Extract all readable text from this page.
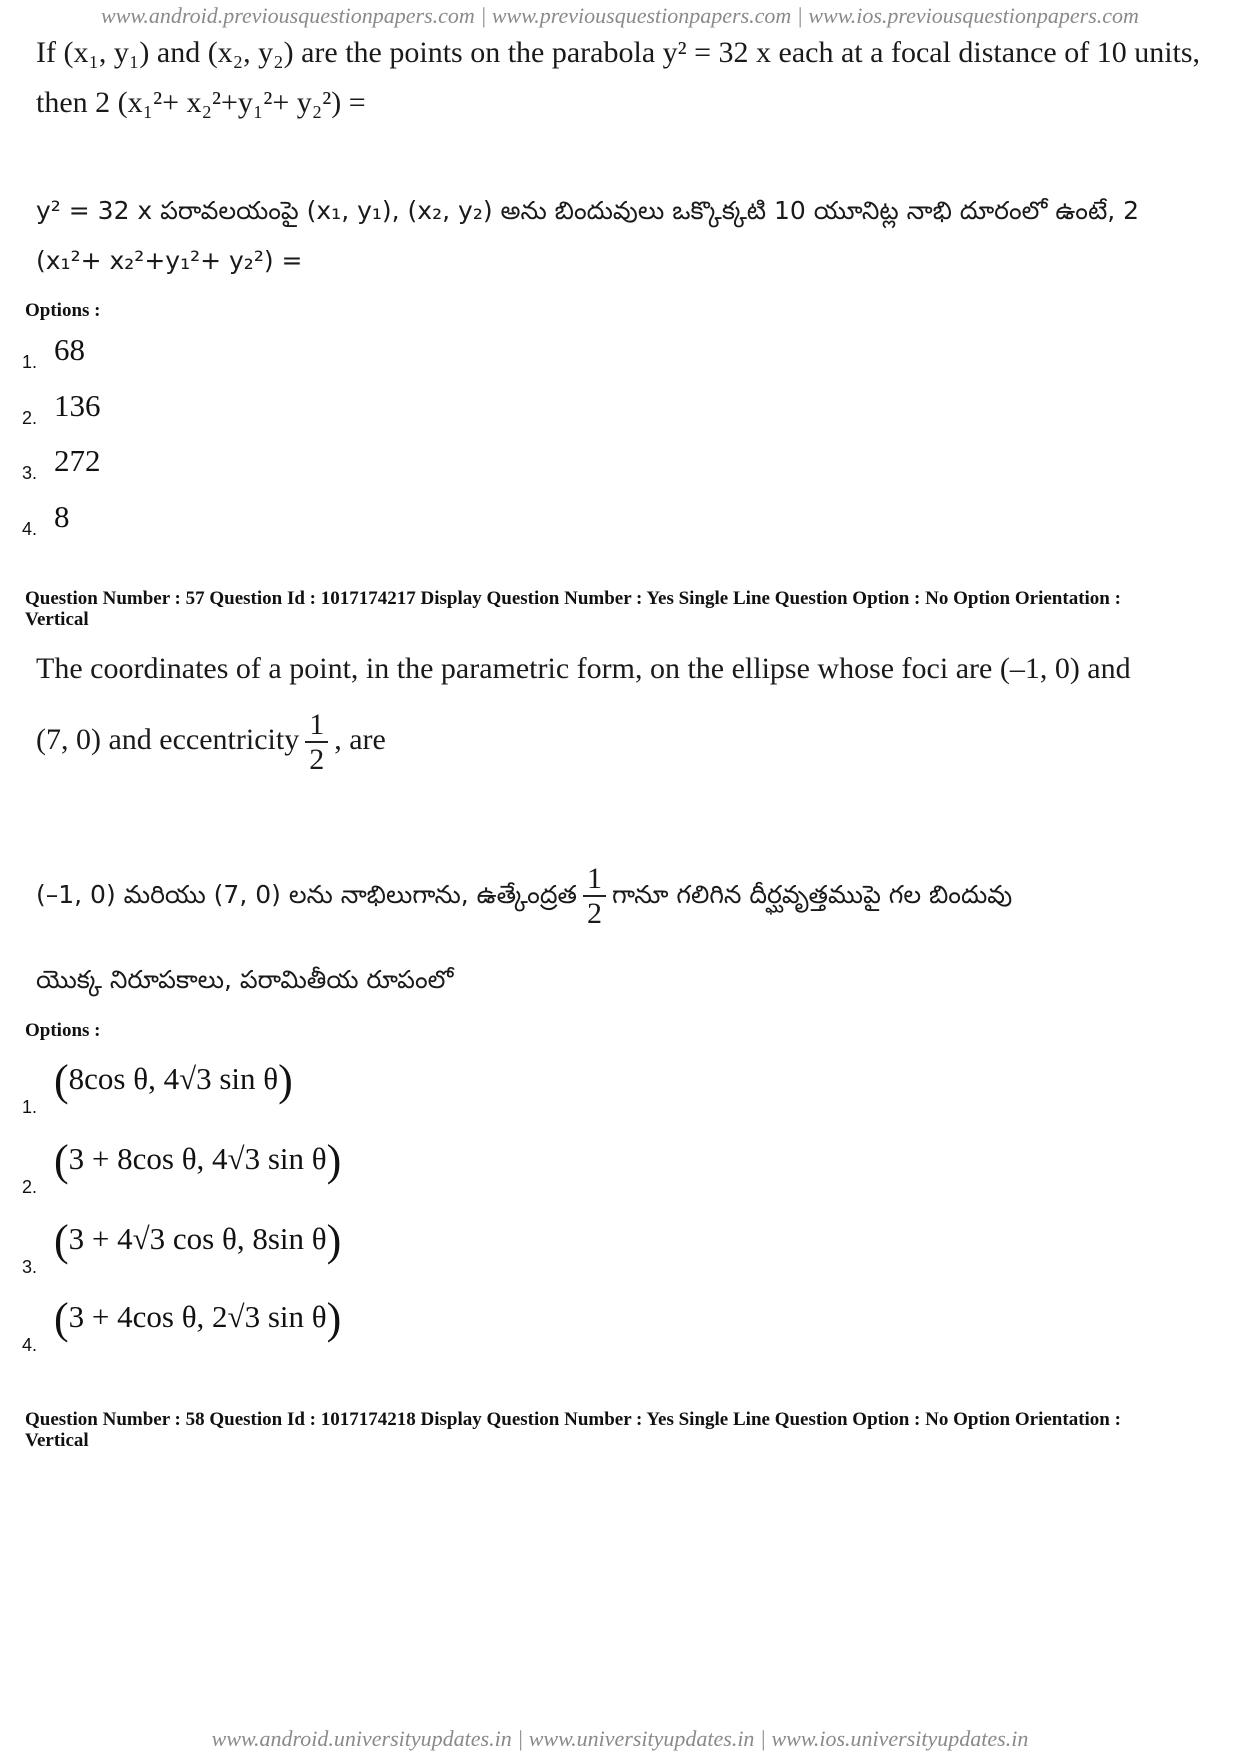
www.android.previousquestionpapers.com | www.previousquestionpapers.com | www.ios.previousquestionpapers.com
If (x₁, y₁) and (x₂, y₂) are the points on the parabola y² = 32 x each at a focal distance of 10 units, then 2 (x₁²+ x₂²+y₁²+ y₂²) =
y² = 32 x పరావలయంపై (x₁, y₁), (x₂, y₂) అను బిందువులు ఒక్కొక్కటి 10 యూనిట్ల నాభి దూరంలో ఉంటే, 2 (x₁²+ x₂²+y₁²+ y₂²) =
Options :
1. 68
2. 136
3. 272
4. 8
Question Number : 57 Question Id : 1017174217 Display Question Number : Yes Single Line Question Option : No Option Orientation : Vertical
The coordinates of a point, in the parametric form, on the ellipse whose foci are (–1, 0) and
(7, 0) and eccentricity $\frac{1}{2}$ , are
(–1, 0) మరియు (7, 0) లను నాభిలుగాను, ఉత్కేంద్రత $\frac{1}{2}$ గానూ గలిగిన దీర్ఘవృత్తముపై గల బిందువు
యొక్క నిరూపకాలు, పరామితీయ రూపంలో
Options :
1.
(8cos θ, 4√3 sin θ)
2.
(3 + 8cos θ, 4√3 sin θ)
3.
(3 + 4√3 cos θ, 8sin θ)
4.
(3 + 4cos θ, 2√3 sin θ)
Question Number : 58 Question Id : 1017174218 Display Question Number : Yes Single Line Question Option : No Option Orientation : Vertical
www.android.universityupdates.in | www.universityupdates.in | www.ios.universityupdates.in
